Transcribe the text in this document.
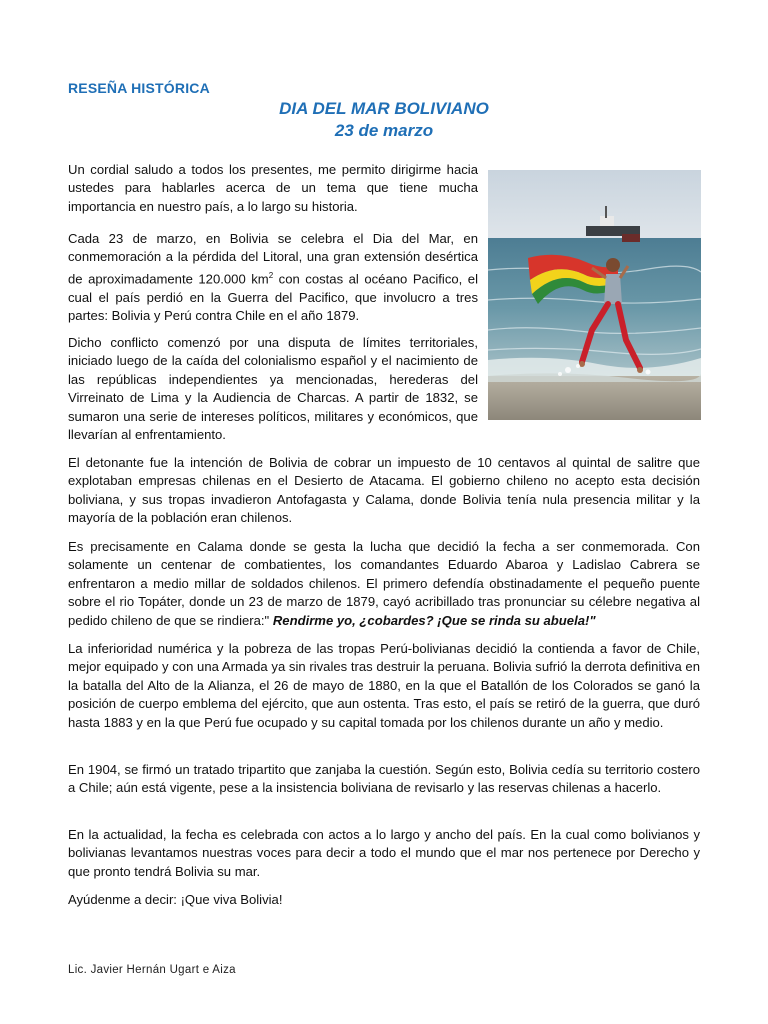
RESEÑA HISTÓRICA
DIA DEL MAR BOLIVIANO
23 de marzo

Un cordial saludo a todos los presentes, me permito dirigirme hacia ustedes para hablarles acerca de un tema que tiene mucha importancia en nuestro país, a lo largo su historia.

Cada 23 de marzo, en Bolivia se celebra el Dia del Mar, en conmemoración a la pérdida del Litoral, una gran extensión desértica de aproximadamente 120.000 $km^2$ con costas al océano Pacifico, el cual el país perdió en la Guerra del Pacifico, que involucro a tres partes: Bolivia y Perú contra Chile en el año 1879.

Dicho conflicto comenzó por una disputa de límites territoriales, iniciado luego de la caída del colonialismo español y el nacimiento de las repúblicas independientes ya mencionadas, herederas del Virreinato de Lima y la Audiencia de Charcas. A partir de 1832, se sumaron una serie de intereses políticos, militares y económicos, que llevarían al enfrentamiento.

El detonante fue la intención de Bolivia de cobrar un impuesto de 10 centavos al quintal de salitre que explotaban empresas chilenas en el Desierto de Atacama. El gobierno chileno no acepto esta decisión boliviana, y sus tropas invadieron Antofagasta y Calama, donde Bolivia tenía nula presencia militar y la mayoría de la población eran chilenos.

Es precisamente en Calama donde se gesta la lucha que decidió la fecha a ser conmemorada. Con solamente un centenar de combatientes, los comandantes Eduardo Abaroa y Ladislao Cabrera se enfrentaron a medio millar de soldados chilenos. El primero defendía obstinadamente el pequeño puente sobre el rio Topáter, donde un 23 de marzo de 1879, cayó acribillado tras pronunciar su célebre negativa al pedido chileno de que se rindiera:" Rendirme yo, ¿cobardes? ¡Que se rinda su abuela!"

La inferioridad numérica y la pobreza de las tropas Perú-bolivianas decidió la contienda a favor de Chile, mejor equipado y con una Armada ya sin rivales tras destruir la peruana. Bolivia sufrió la derrota definitiva en la batalla del Alto de la Alianza, el 26 de mayo de 1880, en la que el Batallón de los Colorados se ganó la posición de cuerpo emblema del ejército, que aun ostenta. Tras esto, el país se retiró de la guerra, que duró hasta 1883 y en la que Perú fue ocupado y su capital tomada por los chilenos durante un año y medio.

En 1904, se firmó un tratado tripartito que zanjaba la cuestión. Según esto, Bolivia cedía su territorio costero a Chile; aún está vigente, pese a la insistencia boliviana de revisarlo y las reservas chilenas a hacerlo.

En la actualidad, la fecha es celebrada con actos a lo largo y ancho del país. En la cual como bolivianos y bolivianas levantamos nuestras voces para decir a todo el mundo que el mar nos pertenece por Derecho y que pronto tendrá Bolivia su mar.

Ayúdenme a decir: ¡Que viva Bolivia!

Lic. Javier Hernán Ugart e Aiza
